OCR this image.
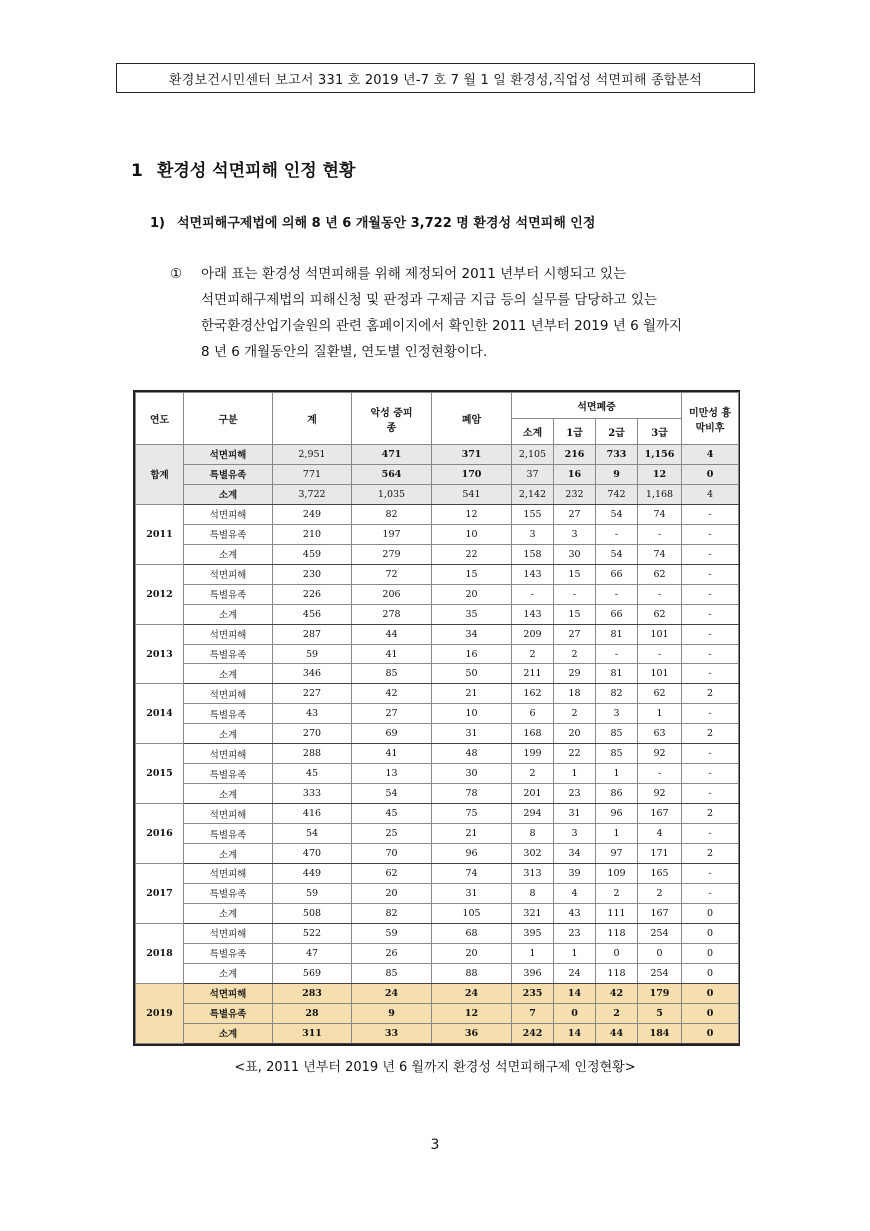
환경보건시민센터 보고서 331 호 2019 년-7 호 7 월 1 일 환경성,직업성 석면피해 종합분석
1 환경성 석면피해 인정 현황
1) 석면피해구제법에 의해 8 년 6 개월동안 3,722 명 환경성 석면피해 인정
① 아래 표는 환경성 석면피해를 위해 제정되어 2011 년부터 시행되고 있는
석면피해구제법의 피해신청 및 판정과 구제금 지급 등의 실무를 담당하고 있는
한국환경산업기술원의 관련 홈페이지에서 확인한 2011 년부터 2019 년 6 월까지
8 년 6 개월동안의 질환별, 연도별 인정현황이다.
연도	구분	계	악성 중피종	폐암	석면폐증				미만성 흉막비후
					소계	1급	2급	3급	
합계	석면피해	2,951	471	371	2,105	216	733	1,156	4
	특별유족	771	564	170	37	16	9	12	0
	소계	3,722	1,035	541	2,142	232	742	1,168	4
2011	석면피해	249	82	12	155	27	54	74	-
	특별유족	210	197	10	3	3	-	-	-
	소계	459	279	22	158	30	54	74	-
2012	석면피해	230	72	15	143	15	66	62	-
	특별유족	226	206	20	-	-	-	-	-
	소계	456	278	35	143	15	66	62	-
2013	석면피해	287	44	34	209	27	81	101	-
	특별유족	59	41	16	2	2	-	-	-
	소계	346	85	50	211	29	81	101	-
2014	석면피해	227	42	21	162	18	82	62	2
	특별유족	43	27	10	6	2	3	1	-
	소계	270	69	31	168	20	85	63	2
2015	석면피해	288	41	48	199	22	85	92	-
	특별유족	45	13	30	2	1	1	-	-
	소계	333	54	78	201	23	86	92	-
2016	석면피해	416	45	75	294	31	96	167	2
	특별유족	54	25	21	8	3	1	4	-
	소계	470	70	96	302	34	97	171	2
2017	석면피해	449	62	74	313	39	109	165	-
	특별유족	59	20	31	8	4	2	2	-
	소계	508	82	105	321	43	111	167	0
2018	석면피해	522	59	68	395	23	118	254	0
	특별유족	47	26	20	1	1	0	0	0
	소계	569	85	88	396	24	118	254	0
2019	석면피해	283	24	24	235	14	42	179	0
	특별유족	28	9	12	7	0	2	5	0
	소계	311	33	36	242	14	44	184	0
<표, 2011 년부터 2019 년 6 월까지 환경성 석면피해구제 인정현황>
3
